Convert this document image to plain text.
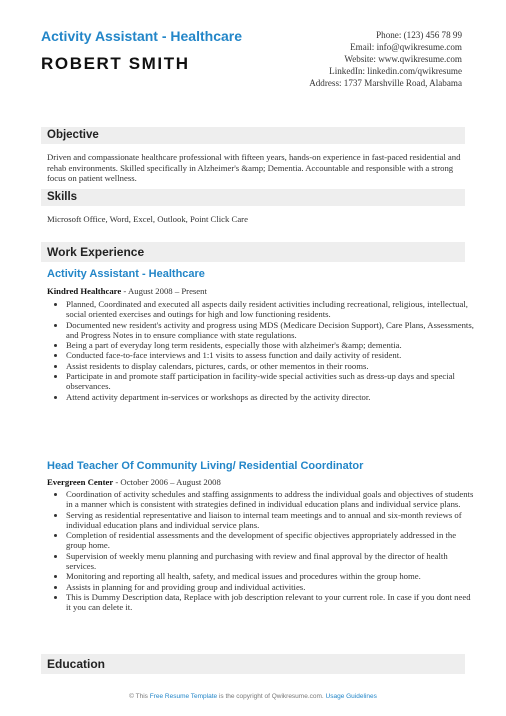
Activity Assistant - Healthcare
ROBERT SMITH
Phone: (123) 456 78 99
Email: info@qwikresume.com
Website: www.qwikresume.com
LinkedIn: linkedin.com/qwikresume
Address: 1737 Marshville Road, Alabama
Objective
Driven and compassionate healthcare professional with fifteen years, hands-on experience in fast-paced residential and rehab environments. Skilled specifically in Alzheimer's &amp; Dementia. Accountable and responsible with a strong focus on patient wellness.
Skills
Microsoft Office, Word, Excel, Outlook, Point Click Care
Work Experience
Activity Assistant - Healthcare
Kindred Healthcare - August 2008 – Present
• Planned, Coordinated and executed all aspects daily resident activities including recreational, religious, intellectual, social oriented exercises and outings for high and low functioning residents.
• Documented new resident's activity and progress using MDS (Medicare Decision Support), Care Plans, Assessments, and Progress Notes in to ensure compliance with state regulations.
• Being a part of everyday long term residents, especially those with alzheimer's &amp; dementia.
• Conducted face-to-face interviews and 1:1 visits to assess function and daily activity of resident.
• Assist residents to display calendars, pictures, cards, or other mementos in their rooms.
• Participate in and promote staff participation in facility-wide special activities such as dress-up days and special observances.
• Attend activity department in-services or workshops as directed by the activity director.
Head Teacher Of Community Living/ Residential Coordinator
Evergreen Center - October 2006 – August 2008
• Coordination of activity schedules and staffing assignments to address the individual goals and objectives of students in a manner which is consistent with strategies defined in individual education plans and individual service plans.
• Serving as residential representative and liaison to internal team meetings and to annual and six-month reviews of individual education plans and individual service plans.
• Completion of residential assessments and the development of specific objectives appropriately addressed in the group home.
• Supervision of weekly menu planning and purchasing with review and final approval by the director of health services.
• Monitoring and reporting all health, safety, and medical issues and procedures within the group home.
• Assists in planning for and providing group and individual activities.
• This is Dummy Description data, Replace with job description relevant to your current role. In case if you dont need it you can delete it.
Education
© This Free Resume Template is the copyright of Qwikresume.com. Usage Guidelines
